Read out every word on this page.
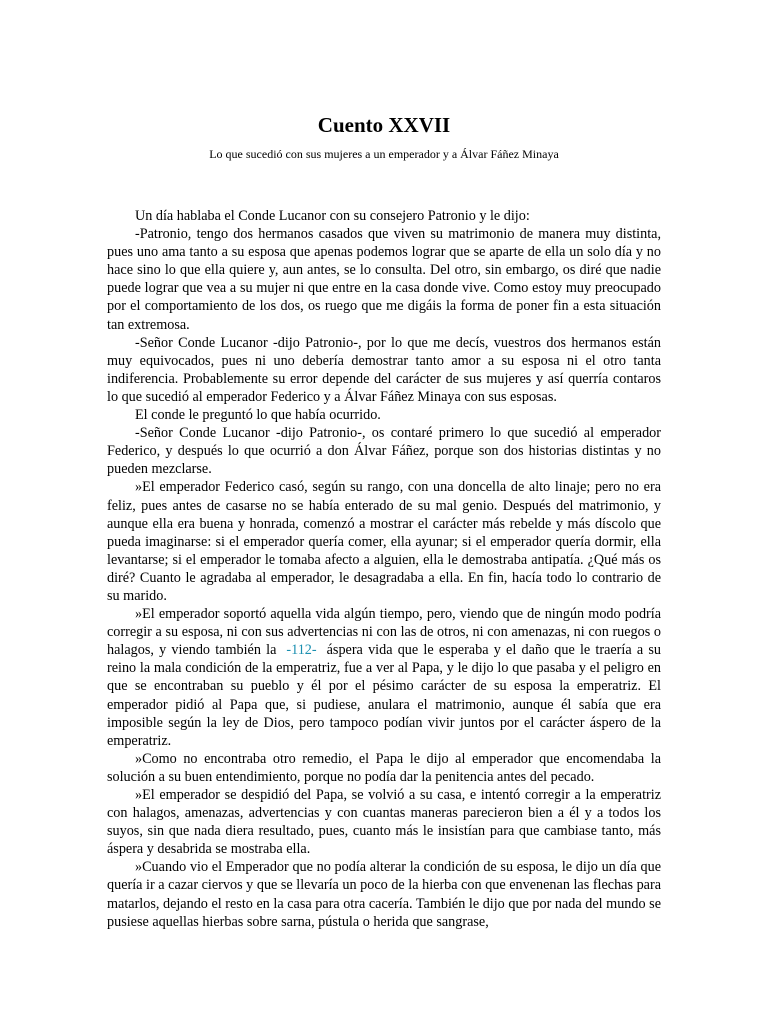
Cuento XXVII

Lo que sucedió con sus mujeres a un emperador y a Álvar Fáñez Minaya

Un día hablaba el Conde Lucanor con su consejero Patronio y le dijo:

-Patronio, tengo dos hermanos casados que viven su matrimonio de manera muy distinta, pues uno ama tanto a su esposa que apenas podemos lograr que se aparte de ella un solo día y no hace sino lo que ella quiere y, aun antes, se lo consulta. Del otro, sin embargo, os diré que nadie puede lograr que vea a su mujer ni que entre en la casa donde vive. Como estoy muy preocupado por el comportamiento de los dos, os ruego que me digáis la forma de poner fin a esta situación tan extremosa.

-Señor Conde Lucanor -dijo Patronio-, por lo que me decís, vuestros dos hermanos están muy equivocados, pues ni uno debería demostrar tanto amor a su esposa ni el otro tanta indiferencia. Probablemente su error depende del carácter de sus mujeres y así querría contaros lo que sucedió al emperador Federico y a Álvar Fáñez Minaya con sus esposas.

El conde le preguntó lo que había ocurrido.

-Señor Conde Lucanor -dijo Patronio-, os contaré primero lo que sucedió al emperador Federico, y después lo que ocurrió a don Álvar Fáñez, porque son dos historias distintas y no pueden mezclarse.

»El emperador Federico casó, según su rango, con una doncella de alto linaje; pero no era feliz, pues antes de casarse no se había enterado de su mal genio. Después del matrimonio, y aunque ella era buena y honrada, comenzó a mostrar el carácter más rebelde y más díscolo que pueda imaginarse: si el emperador quería comer, ella ayunar; si el emperador quería dormir, ella levantarse; si el emperador le tomaba afecto a alguien, ella le demostraba antipatía. ¿Qué más os diré? Cuanto le agradaba al emperador, le desagradaba a ella. En fin, hacía todo lo contrario de su marido.

»El emperador soportó aquella vida algún tiempo, pero, viendo que de ningún modo podría corregir a su esposa, ni con sus advertencias ni con las de otros, ni con amenazas, ni con ruegos o halagos, y viendo también la -112- áspera vida que le esperaba y el daño que le traería a su reino la mala condición de la emperatriz, fue a ver al Papa, y le dijo lo que pasaba y el peligro en que se encontraban su pueblo y él por el pésimo carácter de su esposa la emperatriz. El emperador pidió al Papa que, si pudiese, anulara el matrimonio, aunque él sabía que era imposible según la ley de Dios, pero tampoco podían vivir juntos por el carácter áspero de la emperatriz.

»Como no encontraba otro remedio, el Papa le dijo al emperador que encomendaba la solución a su buen entendimiento, porque no podía dar la penitencia antes del pecado.

»El emperador se despidió del Papa, se volvió a su casa, e intentó corregir a la emperatriz con halagos, amenazas, advertencias y con cuantas maneras parecieron bien a él y a todos los suyos, sin que nada diera resultado, pues, cuanto más le insistían para que cambiase tanto, más áspera y desabrida se mostraba ella.

»Cuando vio el Emperador que no podía alterar la condición de su esposa, le dijo un día que quería ir a cazar ciervos y que se llevaría un poco de la hierba con que envenenan las flechas para matarlos, dejando el resto en la casa para otra cacería. También le dijo que por nada del mundo se pusiese aquellas hierbas sobre sarna, pústula o herida que sangrase,
